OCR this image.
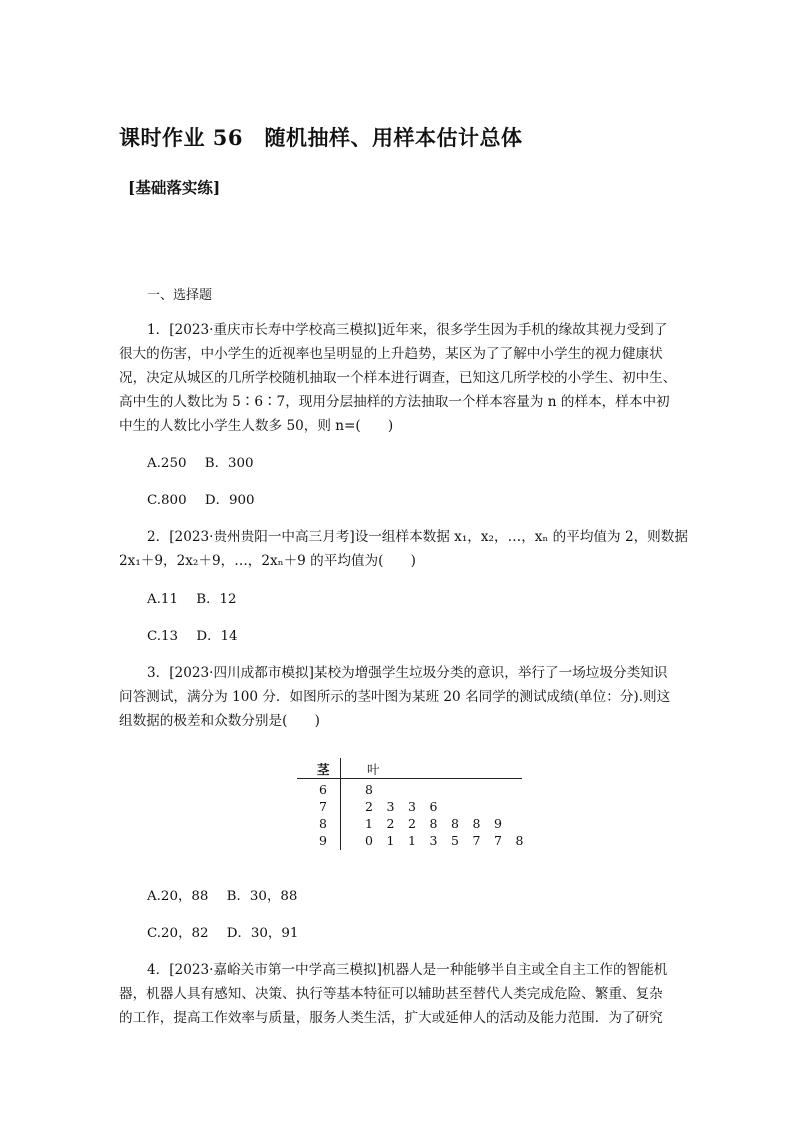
课时作业 56　随机抽样、用样本估计总体
[基础落实练]
一、选择题
1．[2023·重庆市长寿中学校高三模拟]近年来，很多学生因为手机的缘故其视力受到了
很大的伤害，中小学生的近视率也呈明显的上升趋势，某区为了了解中小学生的视力健康状
况，决定从城区的几所学校随机抽取一个样本进行调查，已知这几所学校的小学生、初中生、
高中生的人数比为 5∶6∶7，现用分层抽样的方法抽取一个样本容量为 n 的样本，样本中初
中生的人数比小学生人数多 50，则 n=(　　)
A.250 B．300
C.800 D．900
2．[2023·贵州贵阳一中高三月考]设一组样本数据 x₁，x₂，…，xₙ 的平均值为 2，则数据
2x₁＋9，2x₂＋9，…，2xₙ＋9 的平均值为(　　)
A.11 B．12
C.13 D．14
3．[2023·四川成都市模拟]某校为增强学生垃圾分类的意识，举行了一场垃圾分类知识
问答测试，满分为 100 分．如图所示的茎叶图为某班 20 名同学的测试成绩(单位：分).则这
组数据的极差和众数分别是(　　)
茎	叶
6	8
7	2 3 3 6
8	1 2 2 8 8 8 9
9	0 1 1 3 5 7 7 8
A.20，88 B．30，88
C.20，82 D．30，91
4．[2023·嘉峪关市第一中学高三模拟]机器人是一种能够半自主或全自主工作的智能机
器，机器人具有感知、决策、执行等基本特征可以辅助甚至替代人类完成危险、繁重、复杂
的工作，提高工作效率与质量，服务人类生活，扩大或延伸人的活动及能力范围．为了研究
